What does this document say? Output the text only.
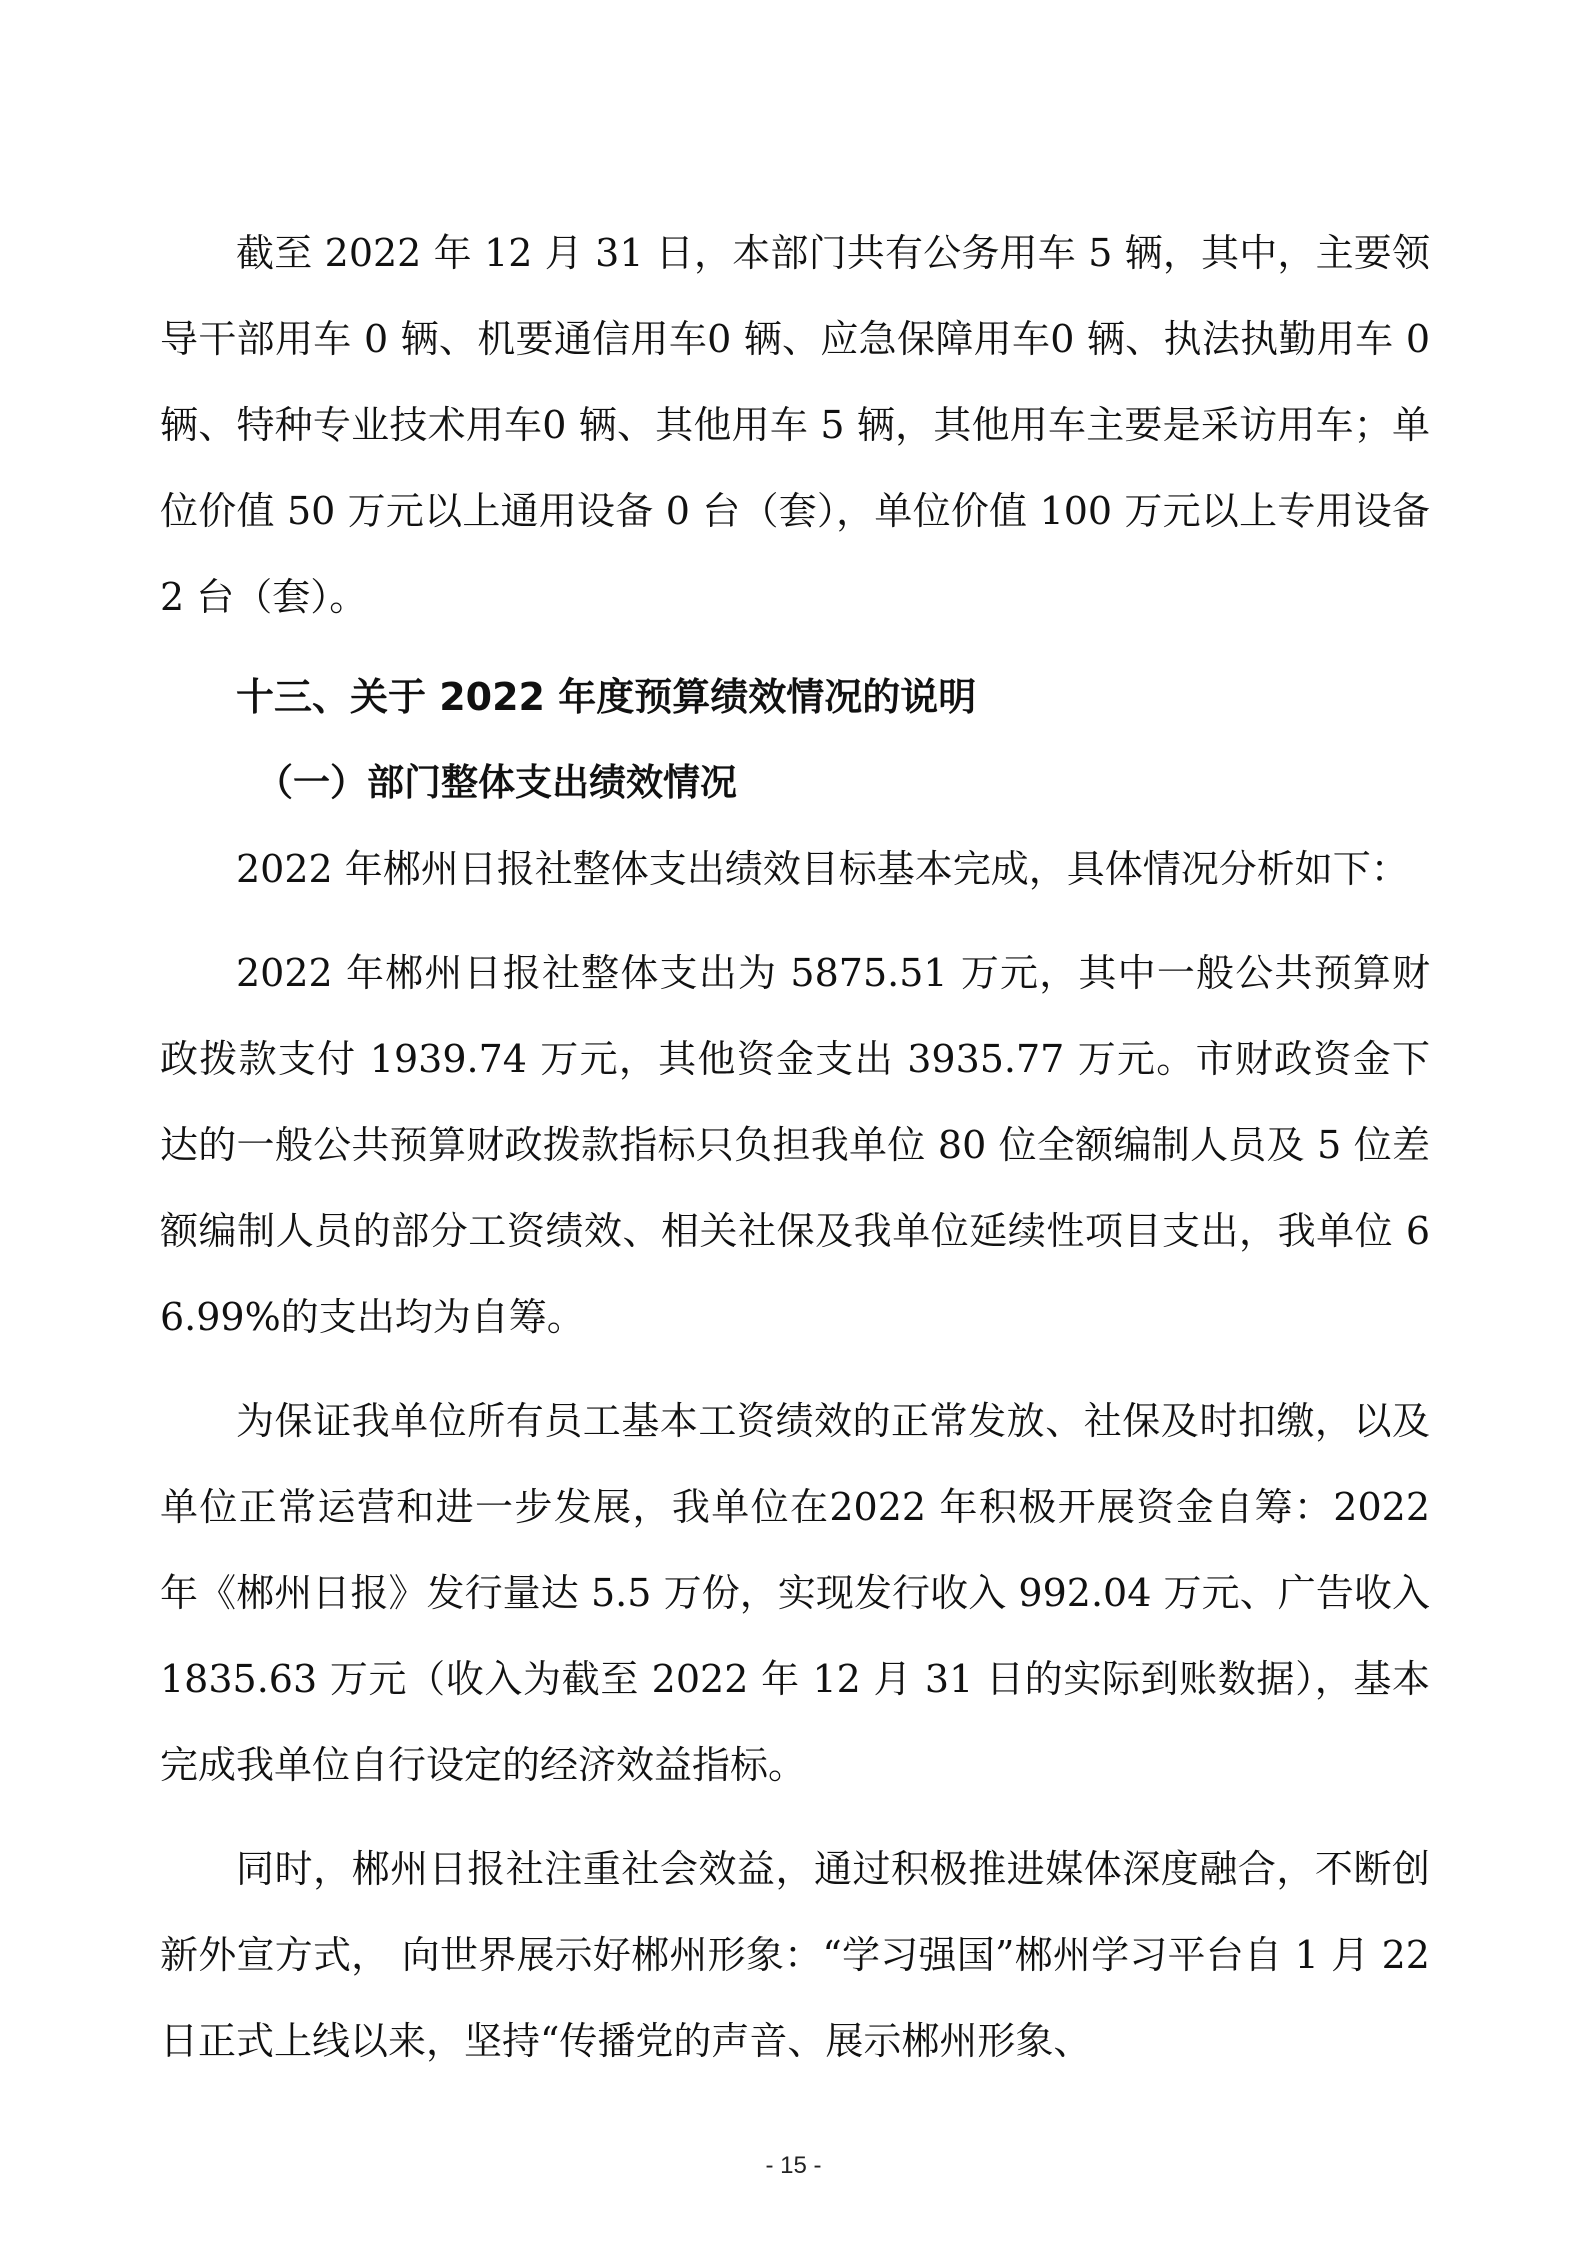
截至 2022 年 12 月 31 日，本部门共有公务用车 5 辆，其中，主要领导干部用车 0 辆、机要通信用车0 辆、应急保障用车0 辆、执法执勤用车 0 辆、特种专业技术用车0 辆、其他用车 5 辆，其他用车主要是采访用车；单位价值 50 万元以上通用设备 0 台（套），单位价值 100 万元以上专用设备 2 台（套）。

十三、关于 2022 年度预算绩效情况的说明
（一）部门整体支出绩效情况

2022 年郴州日报社整体支出绩效目标基本完成，具体情况分析如下：

2022 年郴州日报社整体支出为 5875.51 万元，其中一般公共预算财政拨款支付 1939.74 万元，其他资金支出 3935.77 万元。市财政资金下达的一般公共预算财政拨款指标只负担我单位 80 位全额编制人员及 5 位差额编制人员的部分工资绩效、相关社保及我单位延续性项目支出，我单位 66.99%的支出均为自筹。

为保证我单位所有员工基本工资绩效的正常发放、社保及时扣缴，以及单位正常运营和进一步发展，我单位在2022 年积极开展资金自筹：2022 年《郴州日报》发行量达 5.5 万份，实现发行收入 992.04 万元、广告收入 1835.63 万元（收入为截至 2022 年 12 月 31 日的实际到账数据），基本完成我单位自行设定的经济效益指标。

同时，郴州日报社注重社会效益，通过积极推进媒体深度融合，不断创新外宣方式， 向世界展示好郴州形象：“学习强国”郴州学习平台自 1 月 22 日正式上线以来，坚持“传播党的声音、展示郴州形象、

- 15 -
